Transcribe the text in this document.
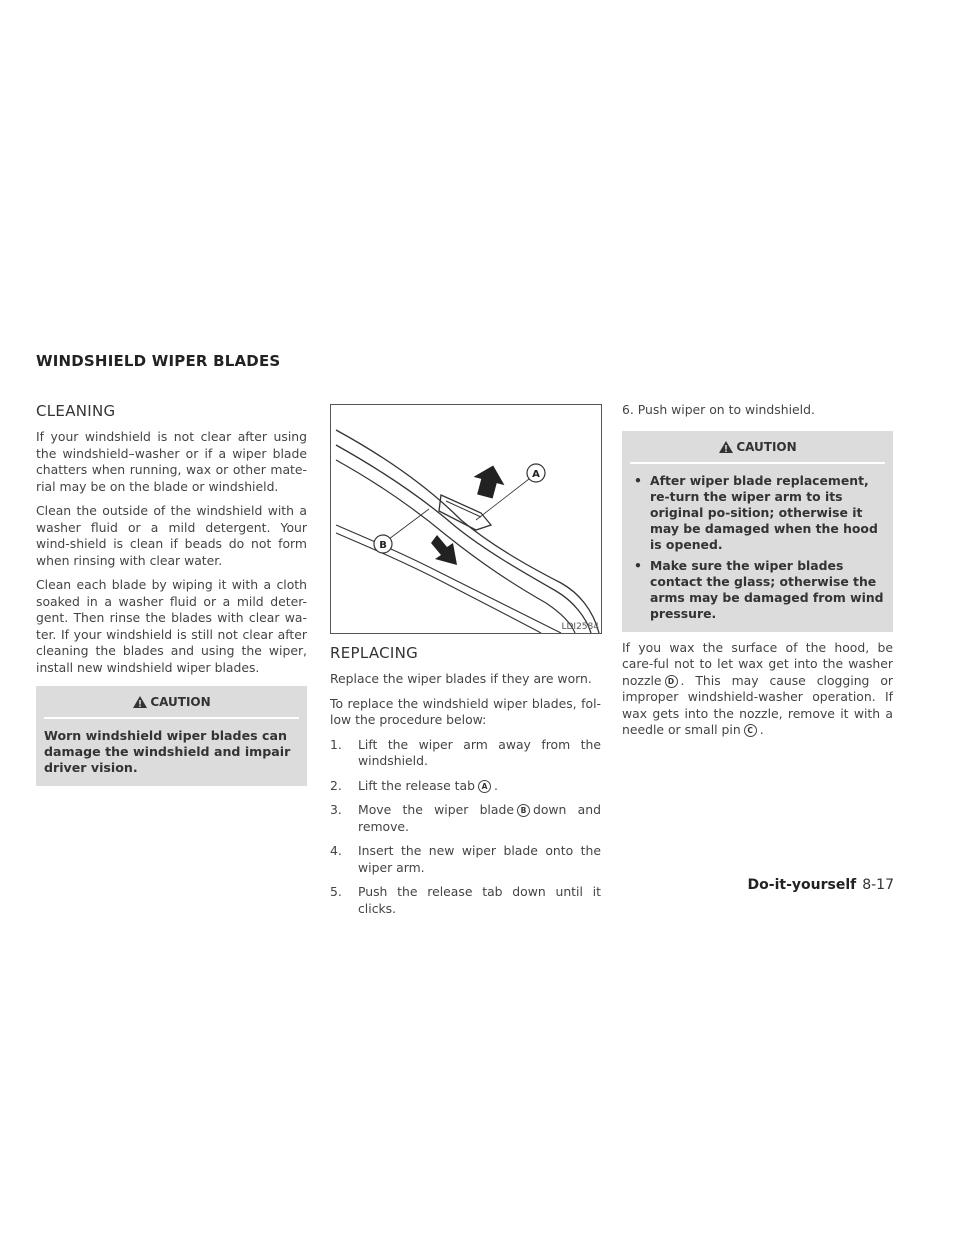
WINDSHIELD WIPER BLADES
CLEANING

If your windshield is not clear after using the windshield–washer or if a wiper blade chatters when running, wax or other mate-rial may be on the blade or windshield.

Clean the outside of the windshield with a washer fluid or a mild detergent. Your wind-shield is clean if beads do not form when rinsing with clear water.

Clean each blade by wiping it with a cloth soaked in a washer fluid or a mild deter-gent. Then rinse the blades with clear wa-ter. If your windshield is still not clear after cleaning the blades and using the wiper, install new windshield wiper blades.

CAUTION
Worn windshield wiper blades can damage the windshield and impair driver vision.
A
B
LDI2584
REPLACING

Replace the wiper blades if they are worn.

To replace the windshield wiper blades, fol-low the procedure below:

1. Lift the wiper arm away from the windshield.
2. Lift the release tab A .
3. Move the wiper blade B down and remove.
4. Insert the new wiper blade onto the wiper arm.
5. Push the release tab down until it clicks.

6. Push wiper on to windshield.

CAUTION
• After wiper blade replacement, re-turn the wiper arm to its original po-sition; otherwise it may be damaged when the hood is opened.
• Make sure the wiper blades contact the glass; otherwise the arms may be damaged from wind pressure.

If you wax the surface of the hood, be care-ful not to let wax get into the washer nozzle D . This may cause clogging or improper windshield-washer operation. If wax gets into the nozzle, remove it with a needle or small pin C .

Do-it-yourself 8-17
